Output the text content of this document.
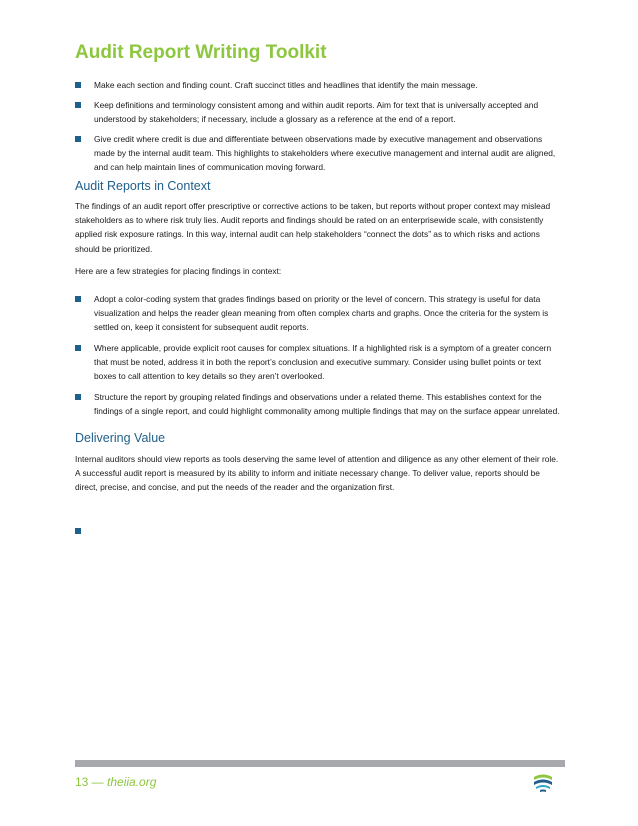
Audit Report Writing Toolkit
Make each section and finding count. Craft succinct titles and headlines that identify the main message.
Keep definitions and terminology consistent among and within audit reports. Aim for text that is universally accepted and understood by stakeholders; if necessary, include a glossary as a reference at the end of a report.
Give credit where credit is due and differentiate between observations made by executive management and observations made by the internal audit team. This highlights to stakeholders where executive management and internal audit are aligned, and can help maintain lines of communication moving forward.
Audit Reports in Context

The findings of an audit report offer prescriptive or corrective actions to be taken, but reports without proper context may mislead stakeholders as to where risk truly lies. Audit reports and findings should be rated on an enterprisewide scale, with consistently applied risk exposure ratings. In this way, internal audit can help stakeholders “connect the dots” as to which risks and actions should be prioritized.

Here are a few strategies for placing findings in context:

Adopt a color-coding system that grades findings based on priority or the level of concern. This strategy is useful for data visualization and helps the reader glean meaning from often complex charts and graphs. Once the criteria for the system is settled on, keep it consistent for subsequent audit reports.
Where applicable, provide explicit root causes for complex situations. If a highlighted risk is a symptom of a greater concern that must be noted, address it in both the report’s conclusion and executive summary. Consider using bullet points or text boxes to call attention to key details so they aren’t overlooked.
Structure the report by grouping related findings and observations under a related theme. This establishes context for the findings of a single report, and could highlight commonality among multiple findings that may on the surface appear unrelated.
Delivering Value

Internal auditors should view reports as tools deserving the same level of attention and diligence as any other element of their role. A successful audit report is measured by its ability to inform and initiate necessary change. To deliver value, reports should be direct, precise, and concise, and put the needs of the reader and the organization first.

13 — theiia.org
